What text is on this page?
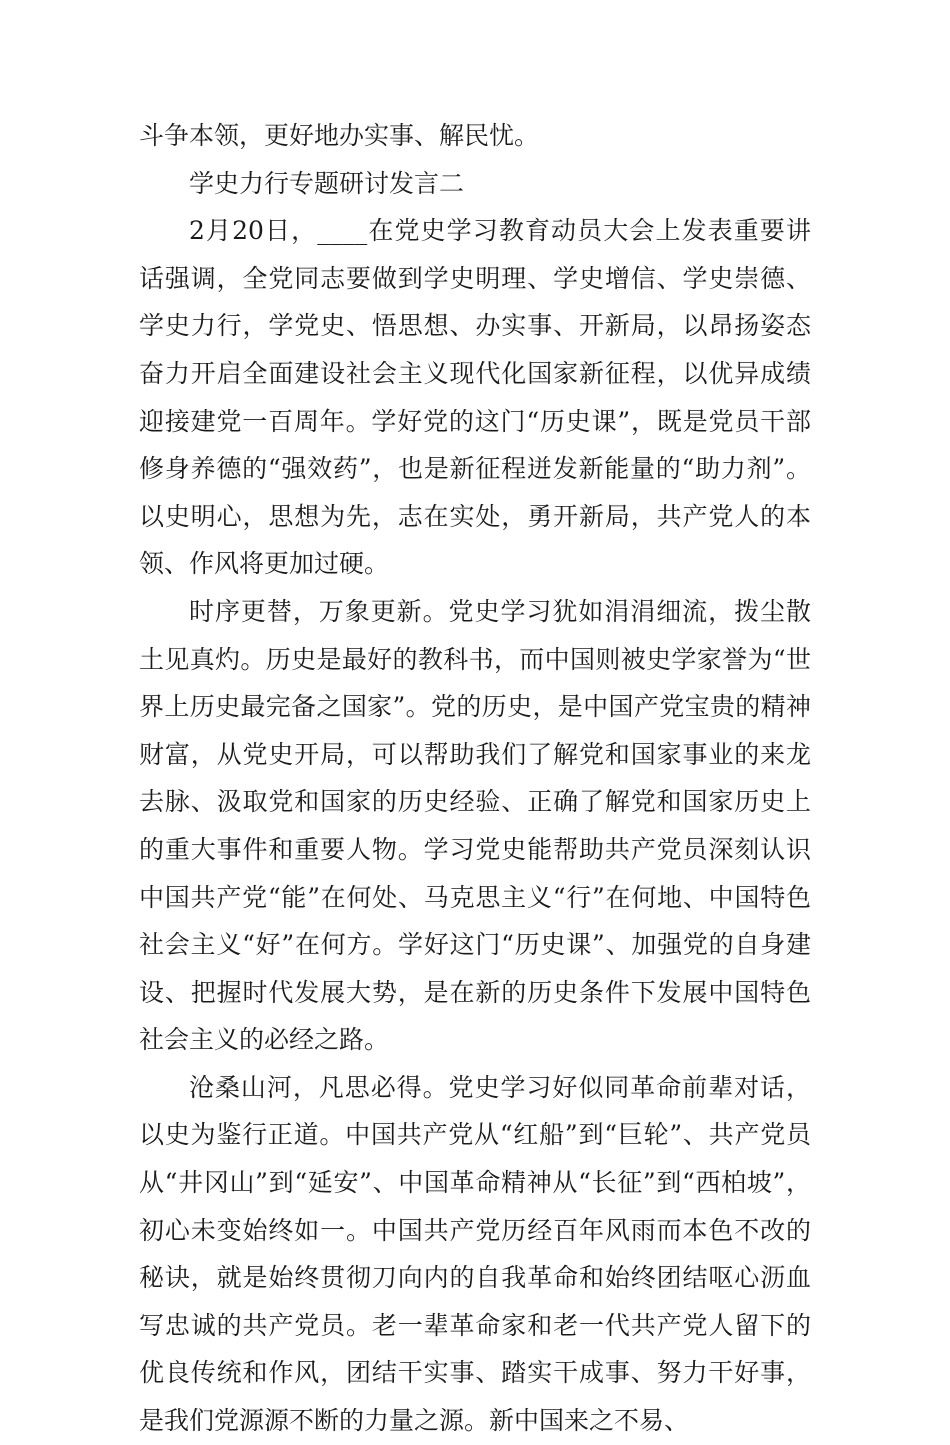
斗争本领，更好地办实事、解民忧。

学史力行专题研讨发言二

2月20日，____在党史学习教育动员大会上发表重要讲话强调，全党同志要做到学史明理、学史增信、学史崇德、学史力行，学党史、悟思想、办实事、开新局，以昂扬姿态奋力开启全面建设社会主义现代化国家新征程，以优异成绩迎接建党一百周年。学好党的这门“历史课”，既是党员干部修身养德的“强效药”，也是新征程迸发新能量的“助力剂”。以史明心，思想为先，志在实处，勇开新局，共产党人的本领、作风将更加过硬。

时序更替，万象更新。党史学习犹如涓涓细流，拨尘散土见真灼。历史是最好的教科书，而中国则被史学家誉为“世界上历史最完备之国家”。党的历史，是中国产党宝贵的精神财富，从党史开局，可以帮助我们了解党和国家事业的来龙去脉、汲取党和国家的历史经验、正确了解党和国家历史上的重大事件和重要人物。学习党史能帮助共产党员深刻认识中国共产党“能”在何处、马克思主义“行”在何地、中国特色社会主义“好”在何方。学好这门“历史课”、加强党的自身建设、把握时代发展大势，是在新的历史条件下发展中国特色社会主义的必经之路。

沧桑山河，凡思必得。党史学习好似同革命前辈对话，以史为鉴行正道。中国共产党从“红船”到“巨轮”、共产党员从“井冈山”到“延安”、中国革命精神从“长征”到“西柏坡”，初心未变始终如一。中国共产党历经百年风雨而本色不改的秘诀，就是始终贯彻刀向内的自我革命和始终团结呕心沥血写忠诚的共产党员。老一辈革命家和老一代共产党人留下的优良传统和作风，团结干实事、踏实干成事、努力干好事，是我们党源源不断的力量之源。新中国来之不易、
